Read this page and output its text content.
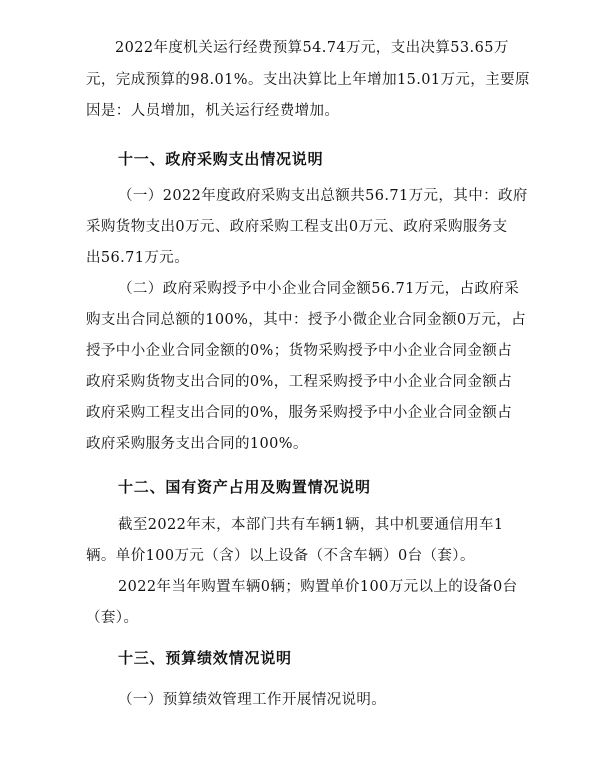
2022年度机关运行经费预算54.74万元，支出决算53.65万
元，完成预算的98.01%。支出决算比上年增加15.01万元，主要原
因是：人员增加，机关运行经费增加。
十一、政府采购支出情况说明
（一）2022年度政府采购支出总额共56.71万元，其中：政府
采购货物支出0万元、政府采购工程支出0万元、政府采购服务支
出56.71万元。
（二）政府采购授予中小企业合同金额56.71万元，占政府采
购支出合同总额的100%，其中：授予小微企业合同金额0万元，占
授予中小企业合同金额的0%；货物采购授予中小企业合同金额占
政府采购货物支出合同的0%，工程采购授予中小企业合同金额占
政府采购工程支出合同的0%，服务采购授予中小企业合同金额占
政府采购服务支出合同的100%。
十二、国有资产占用及购置情况说明
截至2022年末，本部门共有车辆1辆，其中机要通信用车1
辆。单价100万元（含）以上设备（不含车辆）0台（套）。
2022年当年购置车辆0辆；购置单价100万元以上的设备0台
（套）。
十三、预算绩效情况说明
（一）预算绩效管理工作开展情况说明。
